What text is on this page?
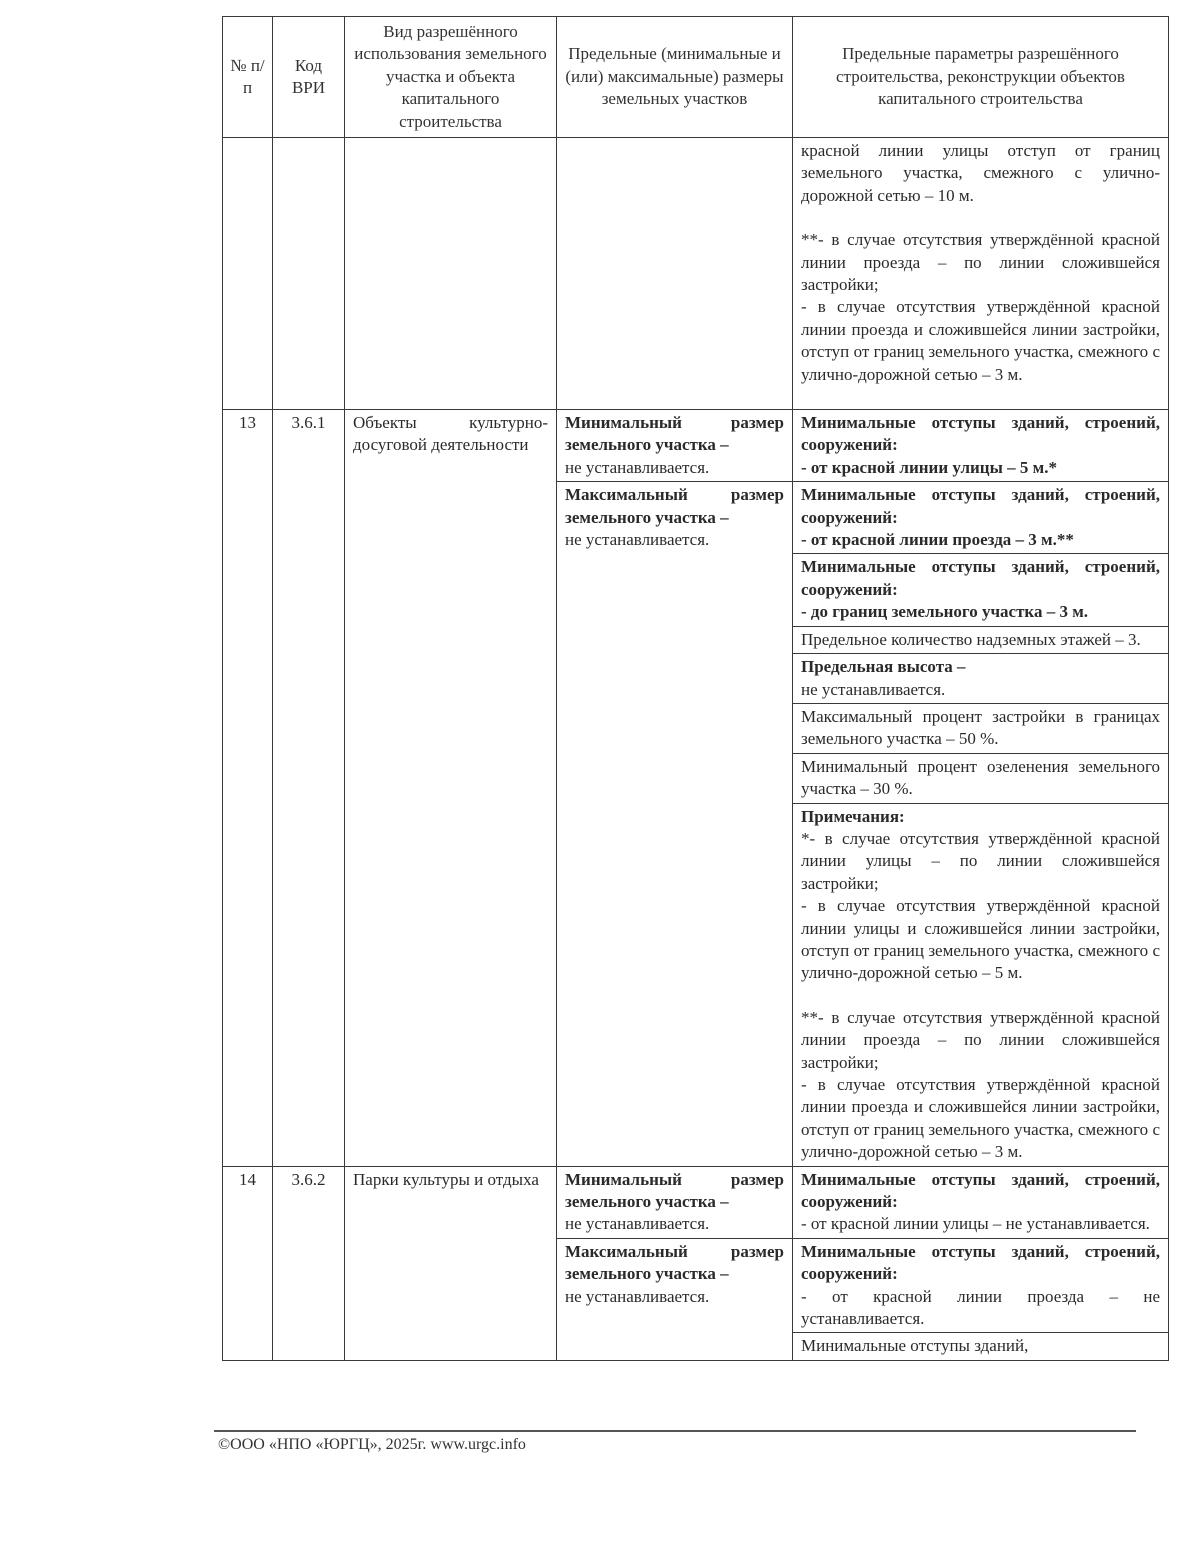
№ п/п	Код ВРИ	Вид разрешённого использования земельного участка и объекта капитального строительства	Предельные (минимальные и (или) максимальные) размеры земельных участков	Предельные параметры разрешённого строительства, реконструкции объектов капитального строительства

				красной линии улицы отступ от границ земельного участка, смежного с улично-дорожной сетью – 10 м.
**- в случае отсутствия утверждённой красной линии проезда – по линии сложившейся застройки;
- в случае отсутствия утверждённой красной линии проезда и сложившейся линии застройки, отступ от границ земельного участка, смежного с улично-дорожной сетью – 3 м.

13	3.6.1	Объекты культурно-досуговой деятельности	Минимальный размер земельного участка –
не устанавливается.	Минимальные отступы зданий, строений, сооружений:
- от красной линии улицы – 5 м.*

			Максимальный размер земельного участка –
не устанавливается.	Минимальные отступы зданий, строений, сооружений:
- от красной линии проезда – 3 м.**

				Минимальные отступы зданий, строений, сооружений:
- до границ земельного участка – 3 м.

				Предельное количество надземных этажей – 3.

				Предельная высота –
не устанавливается.

				Максимальный процент застройки в границах земельного участка – 50 %.
				Минимальный процент озеленения земельного участка – 30 %.

				Примечания:
*- в случае отсутствия утверждённой красной линии улицы – по линии сложившейся застройки;
- в случае отсутствия утверждённой красной линии улицы и сложившейся линии застройки, отступ от границ земельного участка, смежного с улично-дорожной сетью – 5 м.
**- в случае отсутствия утверждённой красной линии проезда – по линии сложившейся застройки;
- в случае отсутствия утверждённой красной линии проезда и сложившейся линии застройки, отступ от границ земельного участка, смежного с улично-дорожной сетью – 3 м.

14	3.6.2	Парки культуры и отдыха	Минимальный размер земельного участка –
не устанавливается.	Минимальные отступы зданий, строений, сооружений:
- от красной линии улицы – не устанавливается.

			Максимальный размер земельного участка –
не устанавливается.	Минимальные отступы зданий, строений, сооружений:
- от красной линии проезда – не устанавливается.

				Минимальные отступы зданий,
©ООО «НПО «ЮРГЦ», 2025г. www.urgc.info
